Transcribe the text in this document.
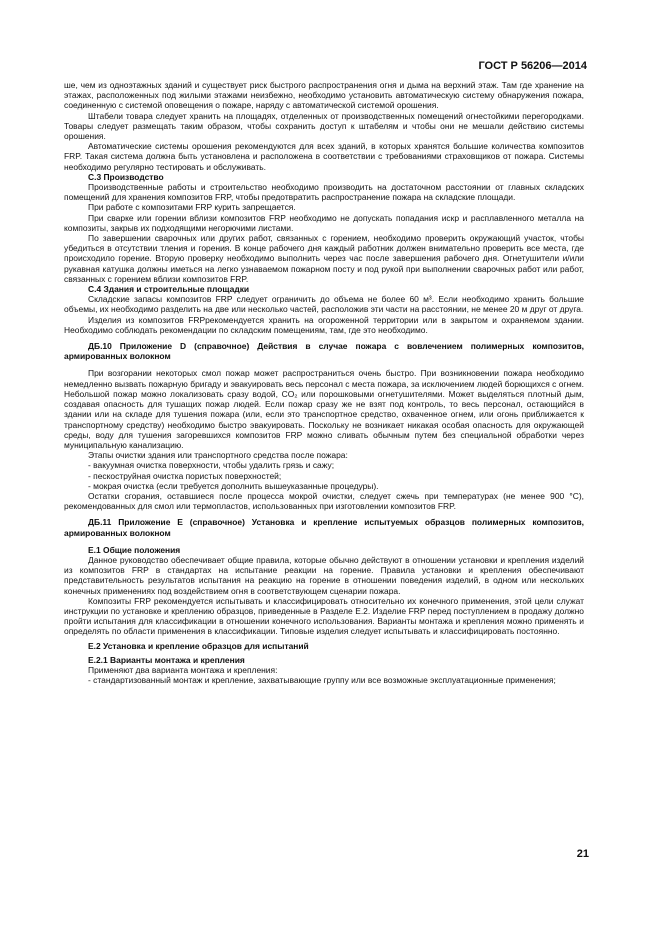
ГОСТ Р 56206—2014

ше, чем из одноэтажных зданий и существует риск быстрого распространения огня и дыма на верхний этаж. Там где хранение на этажах, расположенных под жилыми этажами неизбежно, необходимо установить автоматическую систему обнаружения пожара, соединенную с системой оповещения о пожаре, наряду с автоматической системой орошения.

Штабели товара следует хранить на площадях, отделенных от производственных помещений огнестойкими перегородками. Товары следует размещать таким образом, чтобы сохранить доступ к штабелям и чтобы они не мешали действию системы орошения.

Автоматические системы орошения рекомендуются для всех зданий, в которых хранятся большие количества композитов FRP. Такая система должна быть установлена и расположена в соответствии с требованиями страховщиков от пожара. Системы необходимо регулярно тестировать и обслуживать.

С.3 Производство

Производственные работы и строительство необходимо производить на достаточном расстоянии от главных складских помещений для хранения композитов FRP, чтобы предотвратить распространение пожара на складские площади.

При работе с композитами FRP курить запрещается.

При сварке или горении вблизи композитов FRP необходимо не допускать попадания искр и расплавленного металла на композиты, закрыв их подходящими негорючими листами.

По завершении сварочных или других работ, связанных с горением, необходимо проверить окружающий участок, чтобы убедиться в отсутствии тления и горения. В конце рабочего дня каждый работник должен внимательно проверить все места, где происходило горение. Вторую проверку необходимо выполнить через час после завершения рабочего дня. Огнетушители и/или рукавная катушка должны иметься на легко узнаваемом пожарном посту и под рукой при выполнении сварочных работ или работ, связанных с горением вблизи композитов FRP.

С.4 Здания и строительные площадки

Складские запасы композитов FRP следует ограничить до объема не более 60 м³. Если необходимо хранить большие объемы, их необходимо разделить на две или несколько частей, расположив эти части на расстоянии, не менее 20 м друг от друга.

Изделия из композитов FRPрекомендуется хранить на огороженной территории или в закрытом и охраняемом здании. Необходимо соблюдать рекомендации по складским помещениям, там, где это необходимо.

ДБ.10 Приложение D (справочное) Действия в случае пожара с вовлечением полимерных композитов, армированных волокном

При возгорании некоторых смол пожар может распространиться очень быстро. При возникновении пожара необходимо немедленно вызвать пожарную бригаду и эвакуировать весь персонал с места пожара, за исключением людей борющихся с огнем. Небольшой пожар можно локализовать сразу водой, CO₂ или порошковыми огнетушителями. Может выделяться плотный дым, создавая опасность для тушащих пожар людей. Если пожар сразу же не взят под контроль, то весь персонал, остающийся в здании или на складе для тушения пожара (или, если это транспортное средство, охваченное огнем, или огонь приближается к транспортному средству) необходимо быстро эвакуировать. Поскольку не возникает никакая особая опасность для окружающей среды, воду для тушения загоревшихся композитов FRP можно сливать обычным путем без специальной обработки через муниципальную канализацию.

Этапы очистки здания или транспортного средства после пожара:

- вакуумная очистка поверхности, чтобы удалить грязь и сажу;

- пескоструйная очистка пористых поверхностей;

- мокрая очистка (если требуется дополнить вышеуказанные процедуры).

Остатки сгорания, оставшиеся после процесса мокрой очистки, следует сжечь при температурах (не менее 900 °С), рекомендованных для смол или термопластов, использованных при изготовлении композитов FRP.

ДБ.11 Приложение Е (справочное) Установка и крепление испытуемых образцов полимерных композитов, армированных волокном
Е.1 Общие положения

Данное руководство обеспечивает общие правила, которые обычно действуют в отношении установки и крепления изделий из композитов FRP в стандартах на испытание реакции на горение. Правила установки и крепления обеспечивают представительность результатов испытания на реакцию на горение в отношении поведения изделий, в одном или нескольких конечных применениях под воздействием огня в соответствующем сценарии пожара.

Композиты FRP рекомендуется испытывать и классифицировать относительно их конечного применения, этой цели служат инструкции по установке и креплению образцов, приведенные в Разделе Е.2. Изделие FRP перед поступлением в продажу должно пройти испытания для классификации в отношении конечного использования. Варианты монтажа и крепления можно применять и определять по области применения в классификации. Типовые изделия следует испытывать и классифицировать постоянно.

Е.2 Установка и крепление образцов для испытаний
Е.2.1 Варианты монтажа и крепления

Применяют два варианта монтажа и крепления:

- стандартизованный монтаж и крепление, захватывающие группу или все возможные эксплуатационные применения;

21
